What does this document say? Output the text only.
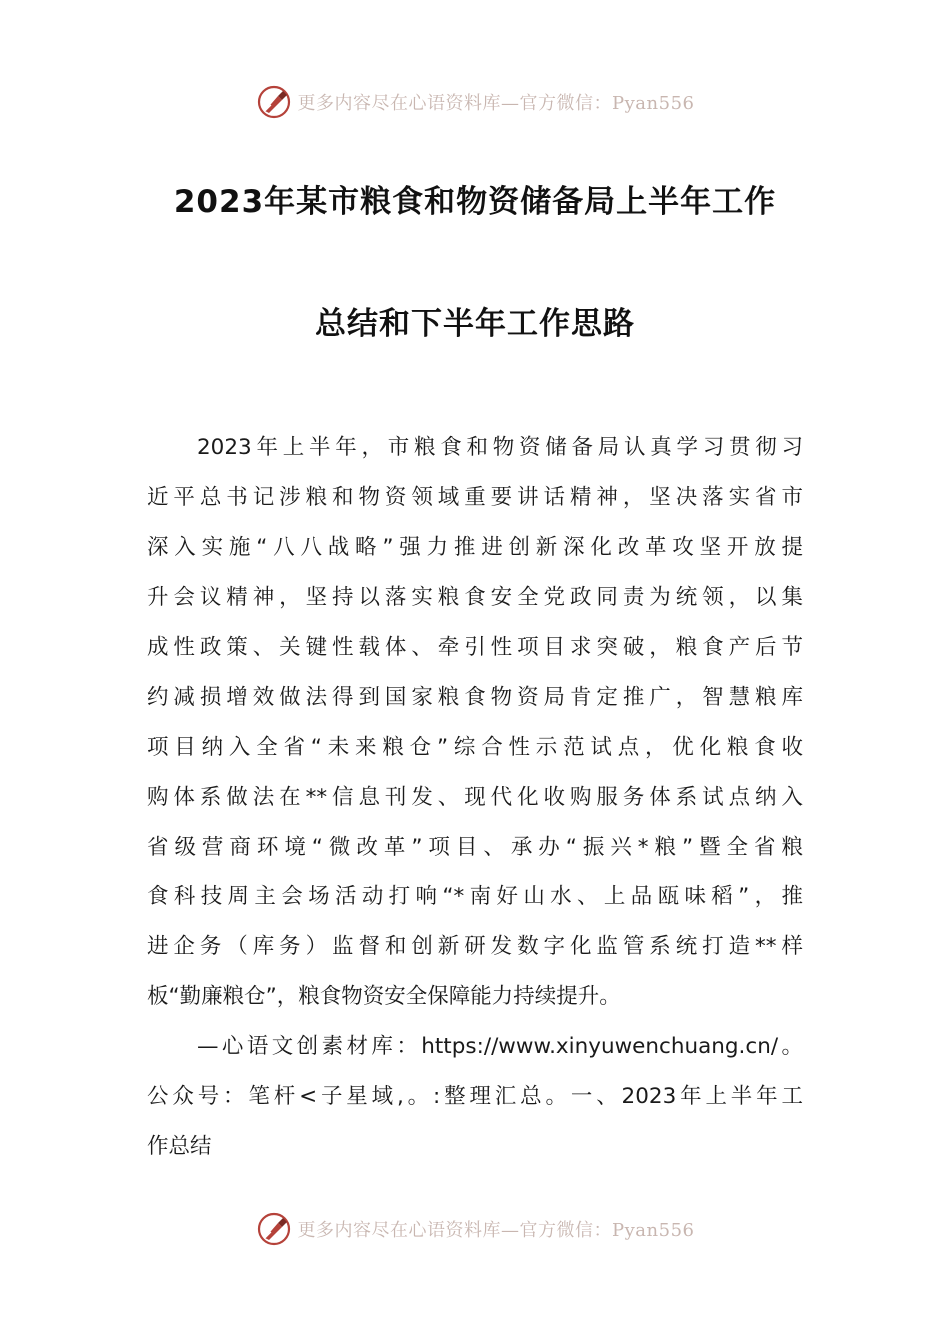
更多内容尽在心语资料库—官方微信：Pyan556
2023年某市粮食和物资储备局上半年工作
总结和下半年工作思路
2023年上半年，市粮食和物资储备局认真学习贯彻习
近平总书记涉粮和物资领域重要讲话精神，坚决落实省市
深入实施“八八战略”强力推进创新深化改革攻坚开放提
升会议精神，坚持以落实粮食安全党政同责为统领，以集
成性政策、关键性载体、牵引性项目求突破，粮食产后节
约减损增效做法得到国家粮食物资局肯定推广，智慧粮库
项目纳入全省“未来粮仓”综合性示范试点，优化粮食收
购体系做法在**信息刊发、现代化收购服务体系试点纳入
省级营商环境“微改革”项目、承办“振兴*粮”暨全省粮
食科技周主会场活动打响“*南好山水、上品瓯味稻”，推
进企务（库务）监督和创新研发数字化监管系统打造**样
板“勤廉粮仓”，粮食物资安全保障能力持续提升。
—心语文创素材库：https://www.xinyuwenchuang.cn/。
公众号：笔杆<子星域,。:整理汇总。一、2023年上半年工
作总结
更多内容尽在心语资料库—官方微信：Pyan556
